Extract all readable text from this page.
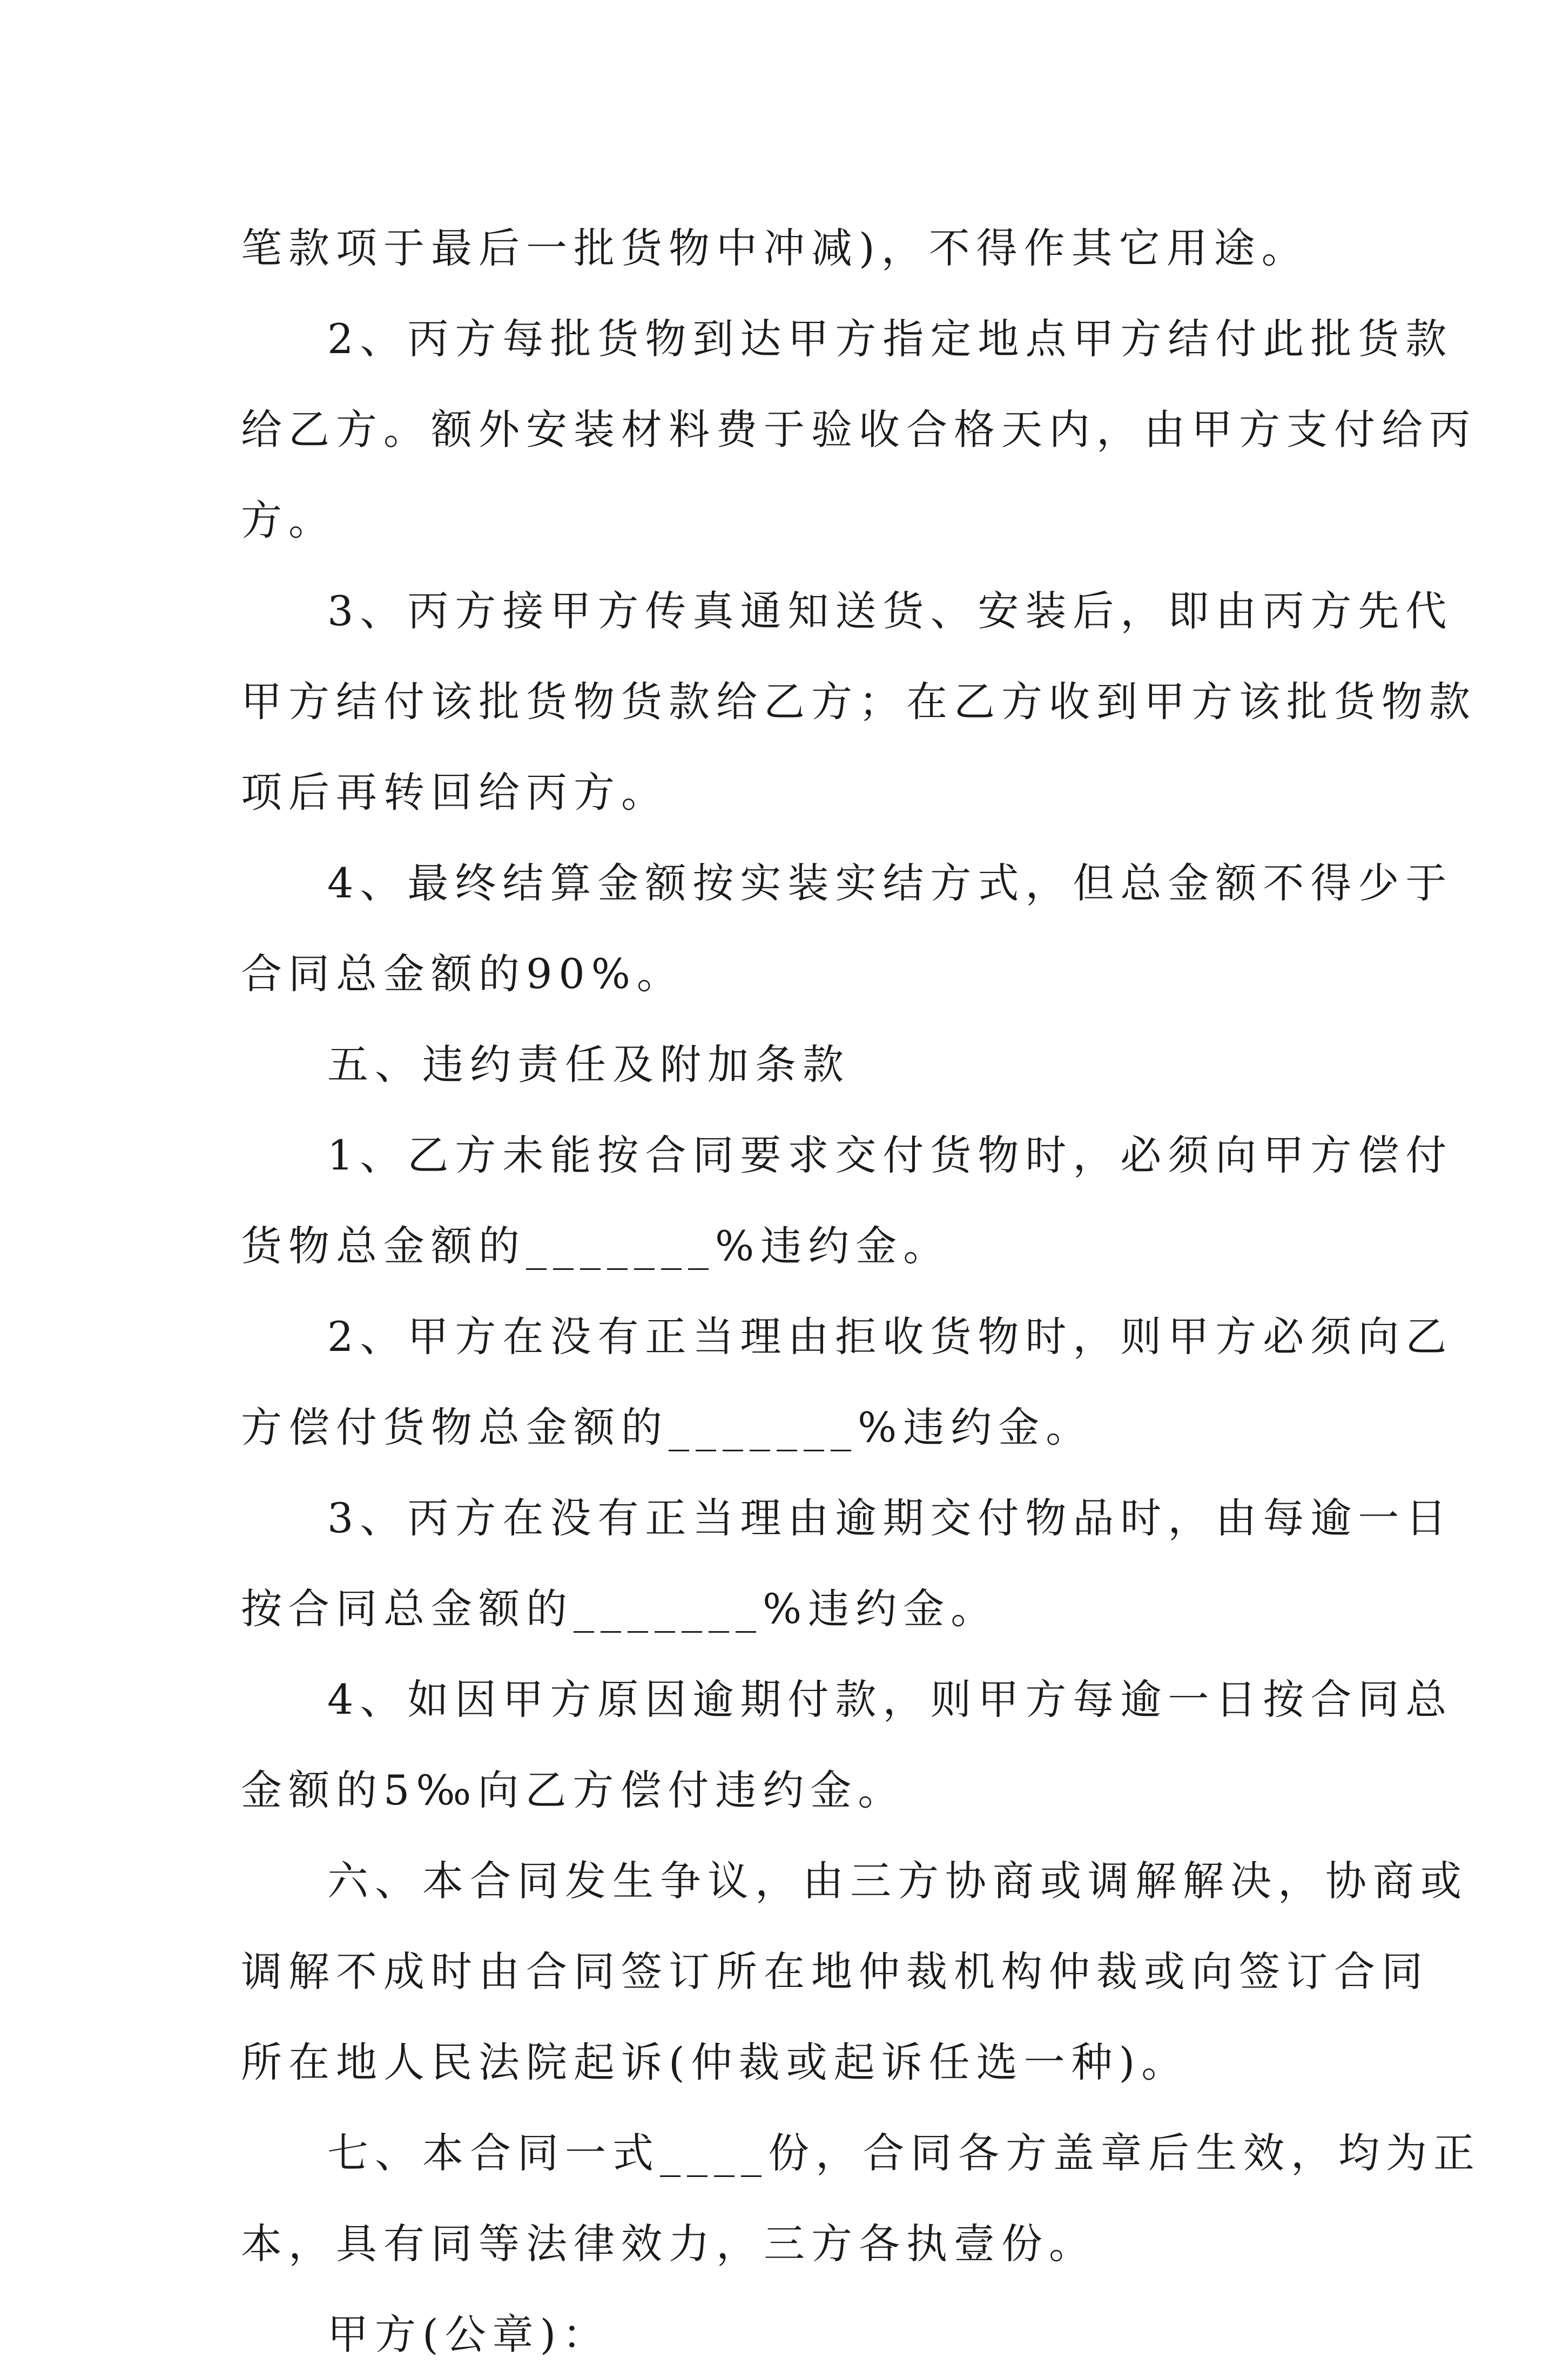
笔款项于最后一批货物中冲减)，不得作其它用途。
2、丙方每批货物到达甲方指定地点甲方结付此批货款
给乙方。额外安装材料费于验收合格天内，由甲方支付给丙
方。
3、丙方接甲方传真通知送货、安装后，即由丙方先代
甲方结付该批货物货款给乙方；在乙方收到甲方该批货物款
项后再转回给丙方。
4、最终结算金额按实装实结方式，但总金额不得少于
合同总金额的90%。
五、违约责任及附加条款
1、乙方未能按合同要求交付货物时，必须向甲方偿付
货物总金额的_______%违约金。
2、甲方在没有正当理由拒收货物时，则甲方必须向乙
方偿付货物总金额的_______%违约金。
3、丙方在没有正当理由逾期交付物品时，由每逾一日
按合同总金额的_______%违约金。
4、如因甲方原因逾期付款，则甲方每逾一日按合同总
金额的5‰向乙方偿付违约金。
六、本合同发生争议，由三方协商或调解解决，协商或
调解不成时由合同签订所在地仲裁机构仲裁或向签订合同
所在地人民法院起诉(仲裁或起诉任选一种)。
七、本合同一式____份，合同各方盖章后生效，均为正
本，具有同等法律效力，三方各执壹份。
甲方(公章)：
